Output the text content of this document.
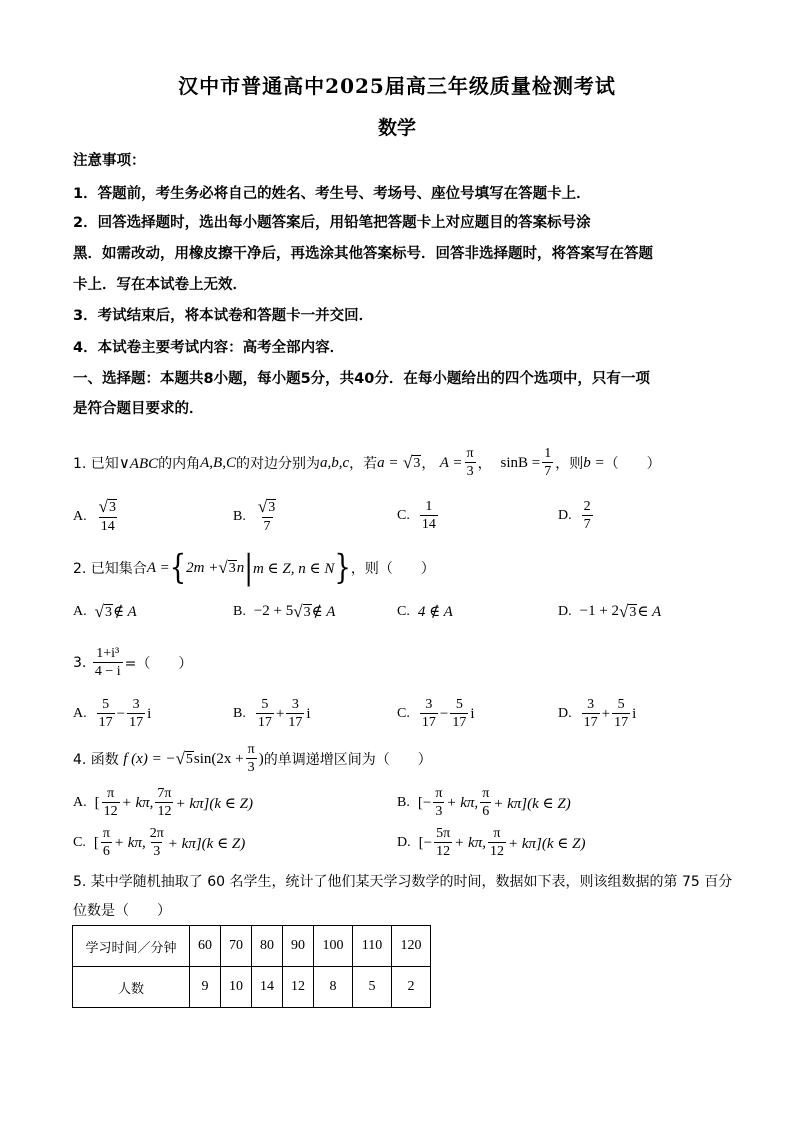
汉中市普通高中2025届高三年级质量检测考试
数学
注意事项：
1．答题前，考生务必将自己的姓名、考生号、考场号、座位号填写在答题卡上．
2．回答选择题时，选出每小题答案后，用铅笔把答题卡上对应题目的答案标号涂
黑．如需改动，用橡皮擦干净后，再选涂其他答案标号．回答非选择题时，将答案写在答题
卡上．写在本试卷上无效．
3．考试结束后，将本试卷和答题卡一并交回．
4．本试卷主要考试内容：高考全部内容．
一、选择题：本题共8小题，每小题5分，共40分．在每小题给出的四个选项中，只有一项
是符合题目要求的．
1. 已知 ∨ABC 的内角 A,B,C 的对边分别为 a,b,c ，若 a =
√ 3 ，
$A = \frac{\pi}{3}$ ，
$\sin B = \frac{1}{7}$ ，则 b = （　　）
A. $\frac{√ 3}{14}$	B. $\frac{√ 3}{7}$	C. $\frac{1}{14}$	D. $\frac{2}{7}$
2. 已知集合 A = { 2m + √ 3 n | m ∈ Z, n ∈ N } ，则（　　）
A. √ 3 ∉ A	B. −2 + 5 √ 3 ∉ A	C. 4 ∉ A	D. −1 + 2 √ 3 ∈ A
3.
$\frac{\text{1+i³}}{4 - i}$ =（　　）
A. $\frac{5}{17} - \frac{3}{17}$ i	B. $\frac{5}{17} + \frac{3}{17}$ i	C. $\frac{3}{17} - \frac{5}{17}$ i	D. $\frac{3}{17} + \frac{5}{17}$ i
4. 函数
f (x) = − √ 5 $\sin(2x + \frac{\pi}{3}$ ) 的单调递增区间为（　　）
A. [ $\frac{\pi}{12} + k\pi$, $\frac{7\pi}{12} + k\pi](k$ ∈ Z)	B. [− $\frac{\pi}{3} + k\pi$, $\frac{\pi}{6} + k\pi](k$ ∈ Z)
C. [ $\frac{\pi}{6} + k\pi$, $\frac{2\pi}{3} + k\pi](k$ ∈ Z)	D. [− $\frac{5\pi}{12} + k\pi$, $\frac{\pi}{12} + k\pi](k$ ∈ Z)
5. 某中学随机抽取了 60 名学生，统计了他们某天学习数学的时间，数据如下表，则该组数据的第 75 百分
位数是（　　）
学习时间／分钟	60	70	80	90	100	110	120
人数	9	10	14	12	8	5	2
